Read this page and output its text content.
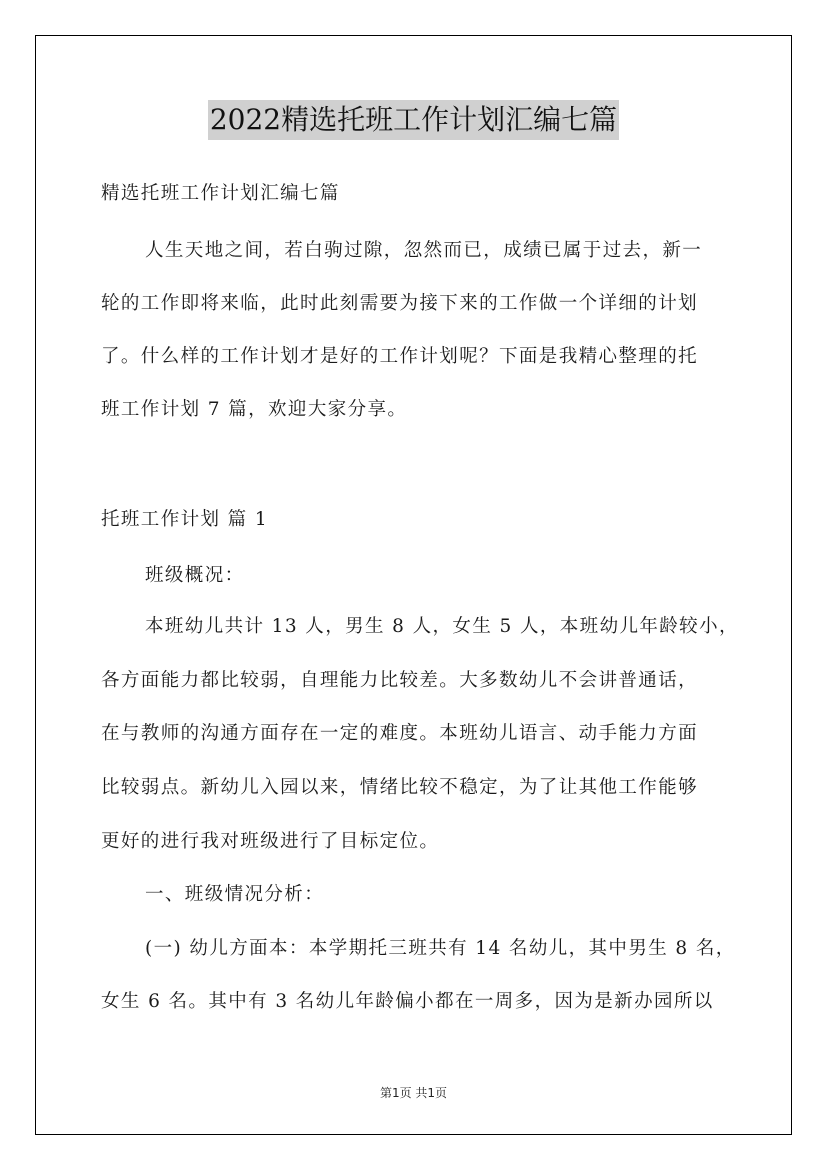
2022精选托班工作计划汇编七篇
精选托班工作计划汇编七篇
人生天地之间，若白驹过隙，忽然而已，成绩已属于过去，新一
轮的工作即将来临，此时此刻需要为接下来的工作做一个详细的计划
了。什么样的工作计划才是好的工作计划呢？下面是我精心整理的托
班工作计划 7 篇，欢迎大家分享。
托班工作计划 篇 1
班级概况：
本班幼儿共计 13 人，男生 8 人，女生 5 人，本班幼儿年龄较小，
各方面能力都比较弱，自理能力比较差。大多数幼儿不会讲普通话，
在与教师的沟通方面存在一定的难度。本班幼儿语言、动手能力方面
比较弱点。新幼儿入园以来，情绪比较不稳定，为了让其他工作能够
更好的进行我对班级进行了目标定位。
一、班级情况分析：
(一) 幼儿方面本：本学期托三班共有 14 名幼儿，其中男生 8 名，
女生 6 名。其中有 3 名幼儿年龄偏小都在一周多，因为是新办园所以
第1页 共1页
